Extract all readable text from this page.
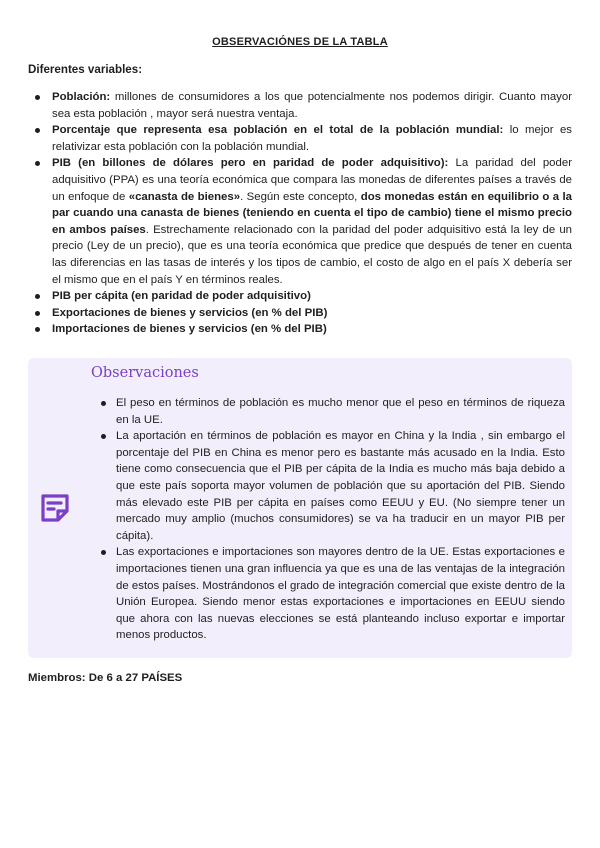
OBSERVACIÓNES DE LA TABLA
Diferentes variables:
Población: millones de consumidores a los que potencialmente nos podemos dirigir. Cuanto mayor sea esta población , mayor será nuestra ventaja.
Porcentaje que representa esa población en el total de la población mundial: lo mejor es relativizar esta población con la población mundial.
PIB (en billones de dólares pero en paridad de poder adquisitivo): La paridad del poder adquisitivo (PPA) es una teoría económica que compara las monedas de diferentes países a través de un enfoque de «canasta de bienes». Según este concepto, dos monedas están en equilibrio o a la par cuando una canasta de bienes (teniendo en cuenta el tipo de cambio) tiene el mismo precio en ambos países. Estrechamente relacionado con la paridad del poder adquisitivo está la ley de un precio (Ley de un precio), que es una teoría económica que predice que después de tener en cuenta las diferencias en las tasas de interés y los tipos de cambio, el costo de algo en el país X debería ser el mismo que en el país Y en términos reales.
PIB per cápita (en paridad de poder adquisitivo)
Exportaciones de bienes y servicios (en % del PIB)
Importaciones de bienes y servicios (en % del PIB)
Observaciones
El peso en términos de población es mucho menor que el peso en términos de riqueza en la UE.
La aportación en términos de población es mayor en China y la India , sin embargo el porcentaje del PIB en China es menor pero es bastante más acusado en la India. Esto tiene como consecuencia que el PIB per cápita de la India es mucho más baja debido a que este país soporta mayor volumen de población que su aportación del PIB. Siendo más elevado este PIB per cápita en países como EEUU y EU. (No siempre tener un mercado muy amplio (muchos consumidores) se va ha traducir en un mayor PIB per cápita).
Las exportaciones e importaciones son mayores dentro de la UE. Estas exportaciones e importaciones tienen una gran influencia ya que es una de las ventajas de la integración de estos países. Mostrándonos el grado de integración comercial que existe dentro de la Unión Europea. Siendo menor estas exportaciones e importaciones en EEUU siendo que ahora con las nuevas elecciones se está planteando incluso exportar e importar menos productos.
Miembros: De 6 a 27 PAÍSES
